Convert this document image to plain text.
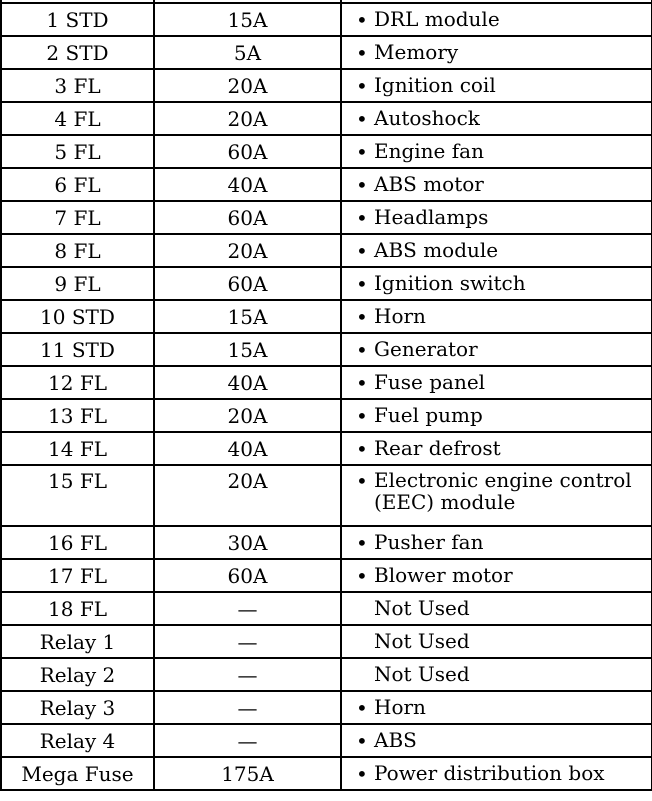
1 STD	15A	• DRL module
2 STD	5A	• Memory
3 FL	20A	• Ignition coil
4 FL	20A	• Autoshock
5 FL	60A	• Engine fan
6 FL	40A	• ABS motor
7 FL	60A	• Headlamps
8 FL	20A	• ABS module
9 FL	60A	• Ignition switch
10 STD	15A	• Horn
11 STD	15A	• Generator
12 FL	40A	• Fuse panel
13 FL	20A	• Fuel pump
14 FL	40A	• Rear defrost
15 FL	20A	• Electronic engine control (EEC) module
16 FL	30A	• Pusher fan
17 FL	60A	• Blower motor
18 FL	—	Not Used
Relay 1	—	Not Used
Relay 2	—	Not Used
Relay 3	—	• Horn
Relay 4	—	• ABS
Mega Fuse	175A	• Power distribution box
